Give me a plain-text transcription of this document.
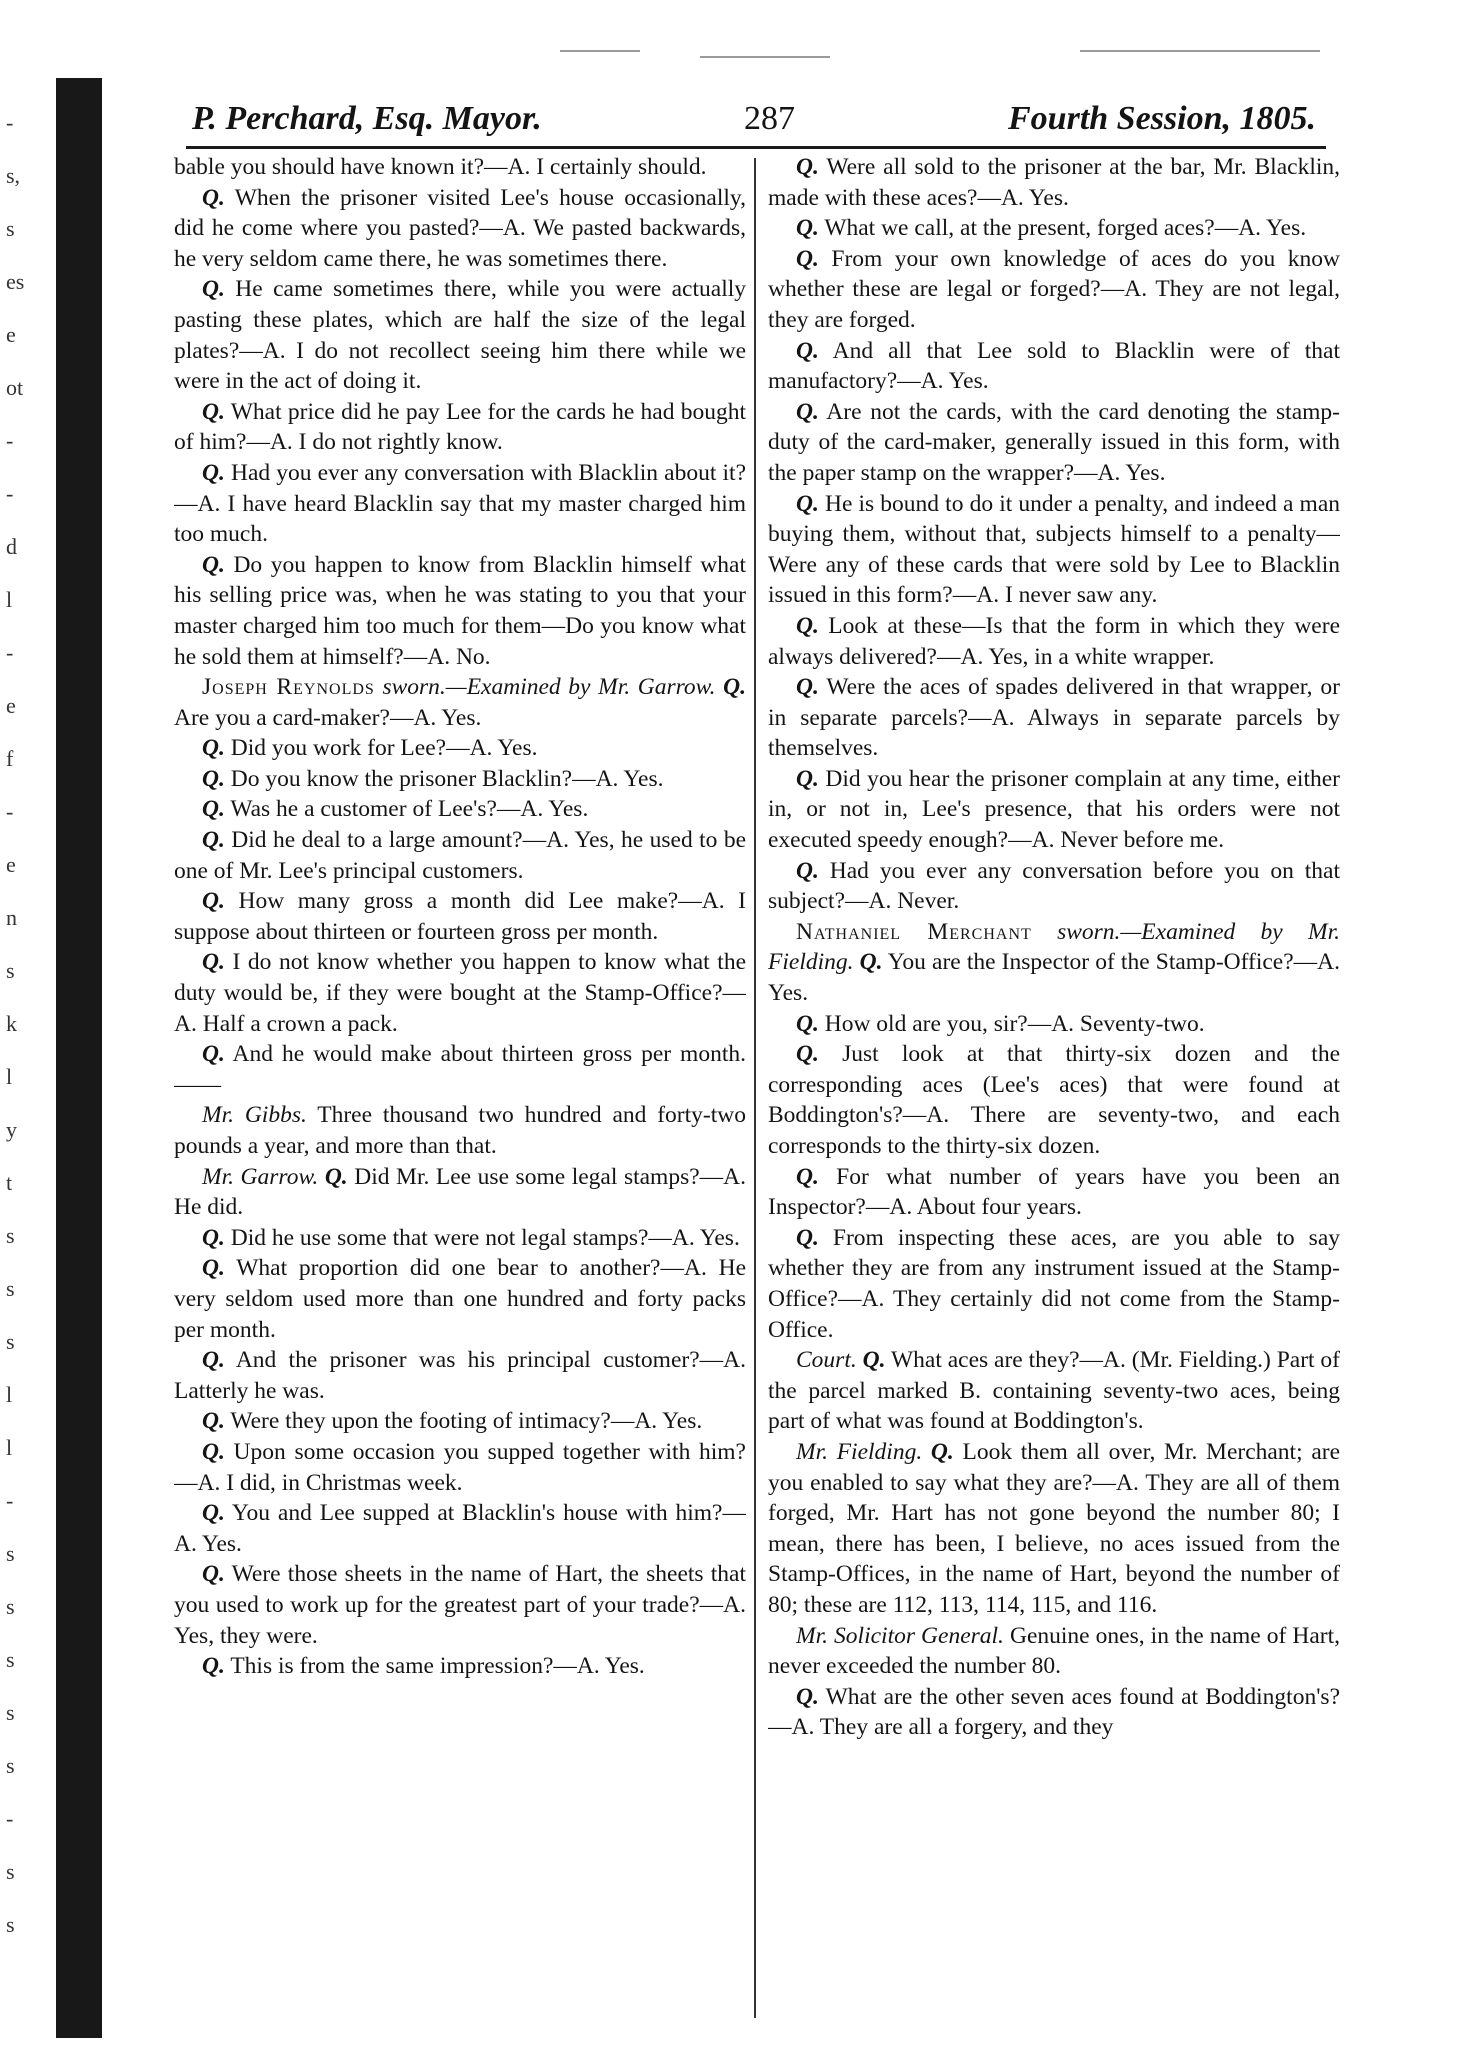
-
s,
s
es
e
ot
-
-
d
l
-
e
f
-
e
n
s
k
l
y
t
s
s
s
l
l
-
s
s
s
s
s
-
s
s
P. Perchard, Esq. Mayor.	287	Fourth Session, 1805.

bable you should have known it?—A. I certainly should.

Q. When the prisoner visited Lee's house occasionally, did he come where you pasted?—A. We pasted backwards, he very seldom came there, he was sometimes there.

Q. He came sometimes there, while you were actually pasting these plates, which are half the size of the legal plates?—A. I do not recollect seeing him there while we were in the act of doing it.

Q. What price did he pay Lee for the cards he had bought of him?—A. I do not rightly know.

Q. Had you ever any conversation with Blacklin about it?—A. I have heard Blacklin say that my master charged him too much.

Q. Do you happen to know from Blacklin himself what his selling price was, when he was stating to you that your master charged him too much for them—Do you know what he sold them at himself?—A. No.

Joseph Reynolds sworn.—Examined by Mr. Garrow. Q. Are you a card-maker?—A. Yes.

Q. Did you work for Lee?—A. Yes.

Q. Do you know the prisoner Blacklin?—A. Yes.

Q. Was he a customer of Lee's?—A. Yes.

Q. Did he deal to a large amount?—A. Yes, he used to be one of Mr. Lee's principal customers.

Q. How many gross a month did Lee make?—A. I suppose about thirteen or fourteen gross per month.

Q. I do not know whether you happen to know what the duty would be, if they were bought at the Stamp-Office?—A. Half a crown a pack.

Q. And he would make about thirteen gross per month.——

Mr. Gibbs. Three thousand two hundred and forty-two pounds a year, and more than that.

Mr. Garrow. Q. Did Mr. Lee use some legal stamps?—A. He did.

Q. Did he use some that were not legal stamps?—A. Yes.

Q. What proportion did one bear to another?—A. He very seldom used more than one hundred and forty packs per month.

Q. And the prisoner was his principal customer?—A. Latterly he was.

Q. Were they upon the footing of intimacy?—A. Yes.

Q. Upon some occasion you supped together with him?—A. I did, in Christmas week.

Q. You and Lee supped at Blacklin's house with him?—A. Yes.

Q. Were those sheets in the name of Hart, the sheets that you used to work up for the greatest part of your trade?—A. Yes, they were.

Q. This is from the same impression?—A. Yes.

Q. Were all sold to the prisoner at the bar, Mr. Blacklin, made with these aces?—A. Yes.

Q. What we call, at the present, forged aces?—A. Yes.

Q. From your own knowledge of aces do you know whether these are legal or forged?—A. They are not legal, they are forged.

Q. And all that Lee sold to Blacklin were of that manufactory?—A. Yes.

Q. Are not the cards, with the card denoting the stamp-duty of the card-maker, generally issued in this form, with the paper stamp on the wrapper?—A. Yes.

Q. He is bound to do it under a penalty, and indeed a man buying them, without that, subjects himself to a penalty—Were any of these cards that were sold by Lee to Blacklin issued in this form?—A. I never saw any.

Q. Look at these—Is that the form in which they were always delivered?—A. Yes, in a white wrapper.

Q. Were the aces of spades delivered in that wrapper, or in separate parcels?—A. Always in separate parcels by themselves.

Q. Did you hear the prisoner complain at any time, either in, or not in, Lee's presence, that his orders were not executed speedy enough?—A. Never before me.

Q. Had you ever any conversation before you on that subject?—A. Never.

Nathaniel Merchant sworn.—Examined by Mr. Fielding. Q. You are the Inspector of the Stamp-Office?—A. Yes.

Q. How old are you, sir?—A. Seventy-two.

Q. Just look at that thirty-six dozen and the corresponding aces (Lee's aces) that were found at Boddington's?—A. There are seventy-two, and each corresponds to the thirty-six dozen.

Q. For what number of years have you been an Inspector?—A. About four years.

Q. From inspecting these aces, are you able to say whether they are from any instrument issued at the Stamp-Office?—A. They certainly did not come from the Stamp-Office.

Court. Q. What aces are they?—A. (Mr. Fielding.) Part of the parcel marked B. containing seventy-two aces, being part of what was found at Boddington's.

Mr. Fielding. Q. Look them all over, Mr. Merchant; are you enabled to say what they are?—A. They are all of them forged, Mr. Hart has not gone beyond the number 80; I mean, there has been, I believe, no aces issued from the Stamp-Offices, in the name of Hart, beyond the number of 80; these are 112, 113, 114, 115, and 116.

Mr. Solicitor General. Genuine ones, in the name of Hart, never exceeded the number 80.

Q. What are the other seven aces found at Boddington's?—A. They are all a forgery, and they
